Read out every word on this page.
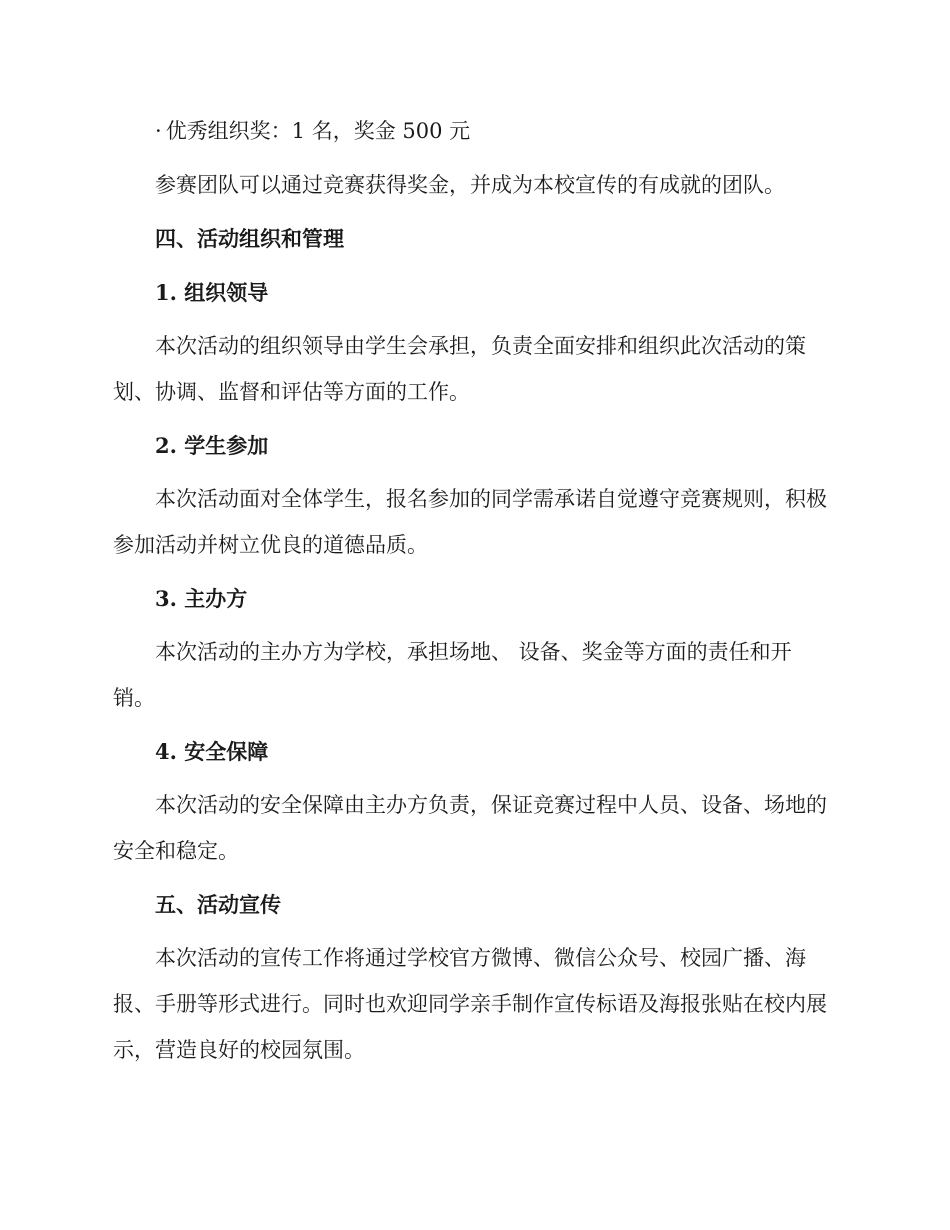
· 优秀组织奖：1 名，奖金 500 元

参赛团队可以通过竞赛获得奖金，并成为本校宣传的有成就的团队。

四、活动组织和管理

1. 组织领导

本次活动的组织领导由学生会承担，负责全面安排和组织此次活动的策划、协调、监督和评估等方面的工作。

2. 学生参加

本次活动面对全体学生，报名参加的同学需承诺自觉遵守竞赛规则，积极参加活动并树立优良的道德品质。

3. 主办方

本次活动的主办方为学校，承担场地、 设备、奖金等方面的责任和开销。

4. 安全保障

本次活动的安全保障由主办方负责，保证竞赛过程中人员、设备、场地的安全和稳定。

五、活动宣传

本次活动的宣传工作将通过学校官方微博、微信公众号、校园广播、海报、手册等形式进行。同时也欢迎同学亲手制作宣传标语及海报张贴在校内展示，营造良好的校园氛围。
